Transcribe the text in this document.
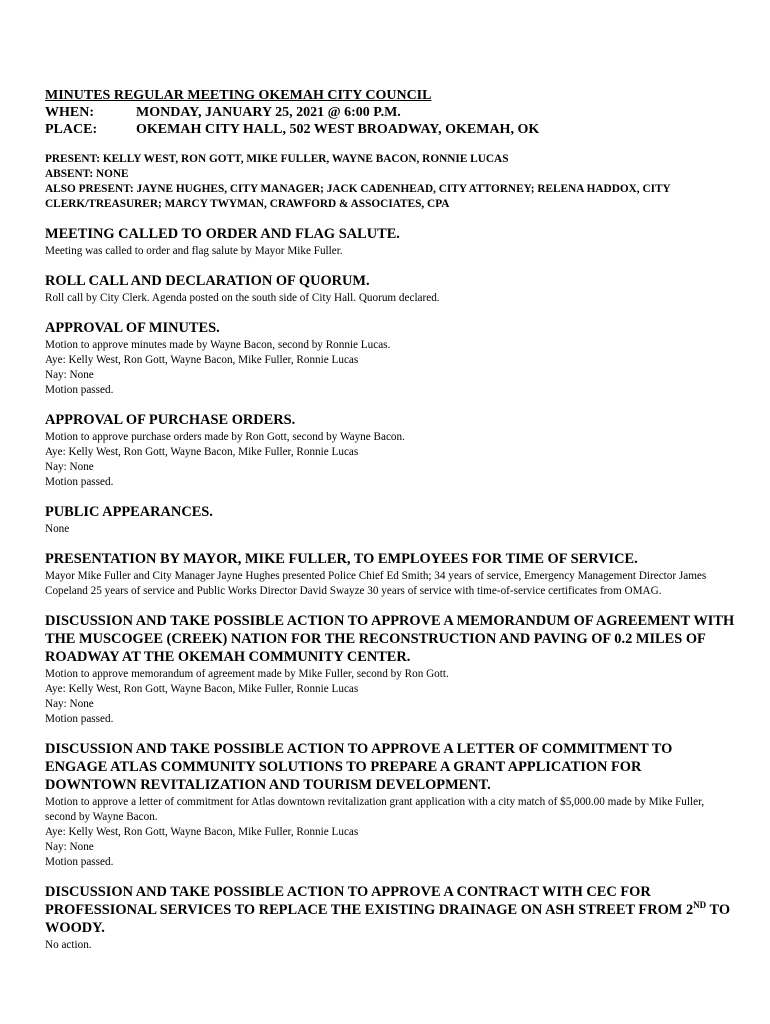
MINUTES REGULAR MEETING OKEMAH CITY COUNCIL
WHEN:	MONDAY, JANUARY 25, 2021 @ 6:00 P.M.
PLACE:	OKEMAH CITY HALL, 502 WEST BROADWAY, OKEMAH, OK
PRESENT: KELLY WEST, RON GOTT, MIKE FULLER, WAYNE BACON, RONNIE LUCAS
ABSENT: NONE
ALSO PRESENT: JAYNE HUGHES, CITY MANAGER; JACK CADENHEAD, CITY ATTORNEY; RELENA HADDOX, CITY CLERK/TREASURER; MARCY TWYMAN, CRAWFORD & ASSOCIATES, CPA
MEETING CALLED TO ORDER AND FLAG SALUTE.
Meeting was called to order and flag salute by Mayor Mike Fuller.
ROLL CALL AND DECLARATION OF QUORUM.
Roll call by City Clerk. Agenda posted on the south side of City Hall. Quorum declared.
APPROVAL OF MINUTES.
Motion to approve minutes made by Wayne Bacon, second by Ronnie Lucas.
Aye: Kelly West, Ron Gott, Wayne Bacon, Mike Fuller, Ronnie Lucas
Nay: None
Motion passed.
APPROVAL OF PURCHASE ORDERS.
Motion to approve purchase orders made by Ron Gott, second by Wayne Bacon.
Aye: Kelly West, Ron Gott, Wayne Bacon, Mike Fuller, Ronnie Lucas
Nay: None
Motion passed.
PUBLIC APPEARANCES.
None
PRESENTATION BY MAYOR, MIKE FULLER, TO EMPLOYEES FOR TIME OF SERVICE.
Mayor Mike Fuller and City Manager Jayne Hughes presented Police Chief Ed Smith; 34 years of service, Emergency Management Director James Copeland 25 years of service and Public Works Director David Swayze 30 years of service with time-of-service certificates from OMAG.
DISCUSSION AND TAKE POSSIBLE ACTION TO APPROVE A MEMORANDUM OF AGREEMENT WITH THE MUSCOGEE (CREEK) NATION FOR THE RECONSTRUCTION AND PAVING OF 0.2 MILES OF ROADWAY AT THE OKEMAH COMMUNITY CENTER.
Motion to approve memorandum of agreement made by Mike Fuller, second by Ron Gott.
Aye: Kelly West, Ron Gott, Wayne Bacon, Mike Fuller, Ronnie Lucas
Nay: None
Motion passed.
DISCUSSION AND TAKE POSSIBLE ACTION TO APPROVE A LETTER OF COMMITMENT TO ENGAGE ATLAS COMMUNITY SOLUTIONS TO PREPARE A GRANT APPLICATION FOR DOWNTOWN REVITALIZATION AND TOURISM DEVELOPMENT.
Motion to approve a letter of commitment for Atlas downtown revitalization grant application with a city match of $5,000.00 made by Mike Fuller, second by Wayne Bacon.
Aye: Kelly West, Ron Gott, Wayne Bacon, Mike Fuller, Ronnie Lucas
Nay: None
Motion passed.
DISCUSSION AND TAKE POSSIBLE ACTION TO APPROVE A CONTRACT WITH CEC FOR PROFESSIONAL SERVICES TO REPLACE THE EXISTING DRAINAGE ON ASH STREET FROM 2ND TO WOODY.
No action.
